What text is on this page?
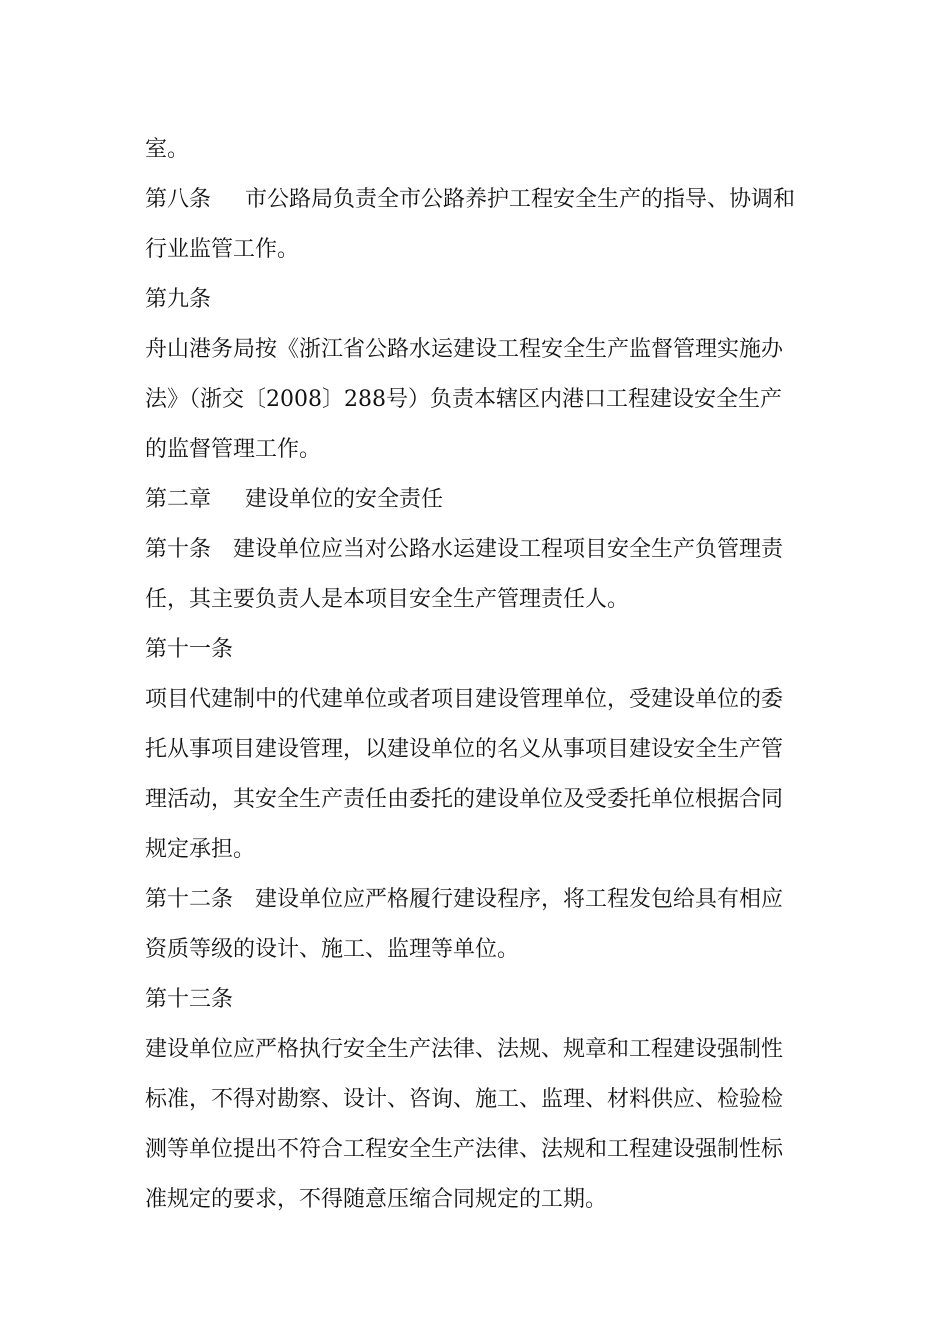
室。
第八条 市公路局负责全市公路养护工程安全生产的指导、协调和
行业监管工作。
第九条
舟山港务局按《浙江省公路水运建设工程安全生产监督管理实施办
法》（浙交〔2008〕288号）负责本辖区内港口工程建设安全生产
的监督管理工作。
第二章 建设单位的安全责任
第十条 建设单位应当对公路水运建设工程项目安全生产负管理责
任，其主要负责人是本项目安全生产管理责任人。
第十一条
项目代建制中的代建单位或者项目建设管理单位，受建设单位的委
托从事项目建设管理，以建设单位的名义从事项目建设安全生产管
理活动，其安全生产责任由委托的建设单位及受委托单位根据合同
规定承担。
第十二条 建设单位应严格履行建设程序，将工程发包给具有相应
资质等级的设计、施工、监理等单位。
第十三条
建设单位应严格执行安全生产法律、法规、规章和工程建设强制性
标准，不得对勘察、设计、咨询、施工、监理、材料供应、检验检
测等单位提出不符合工程安全生产法律、法规和工程建设强制性标
准规定的要求，不得随意压缩合同规定的工期。
